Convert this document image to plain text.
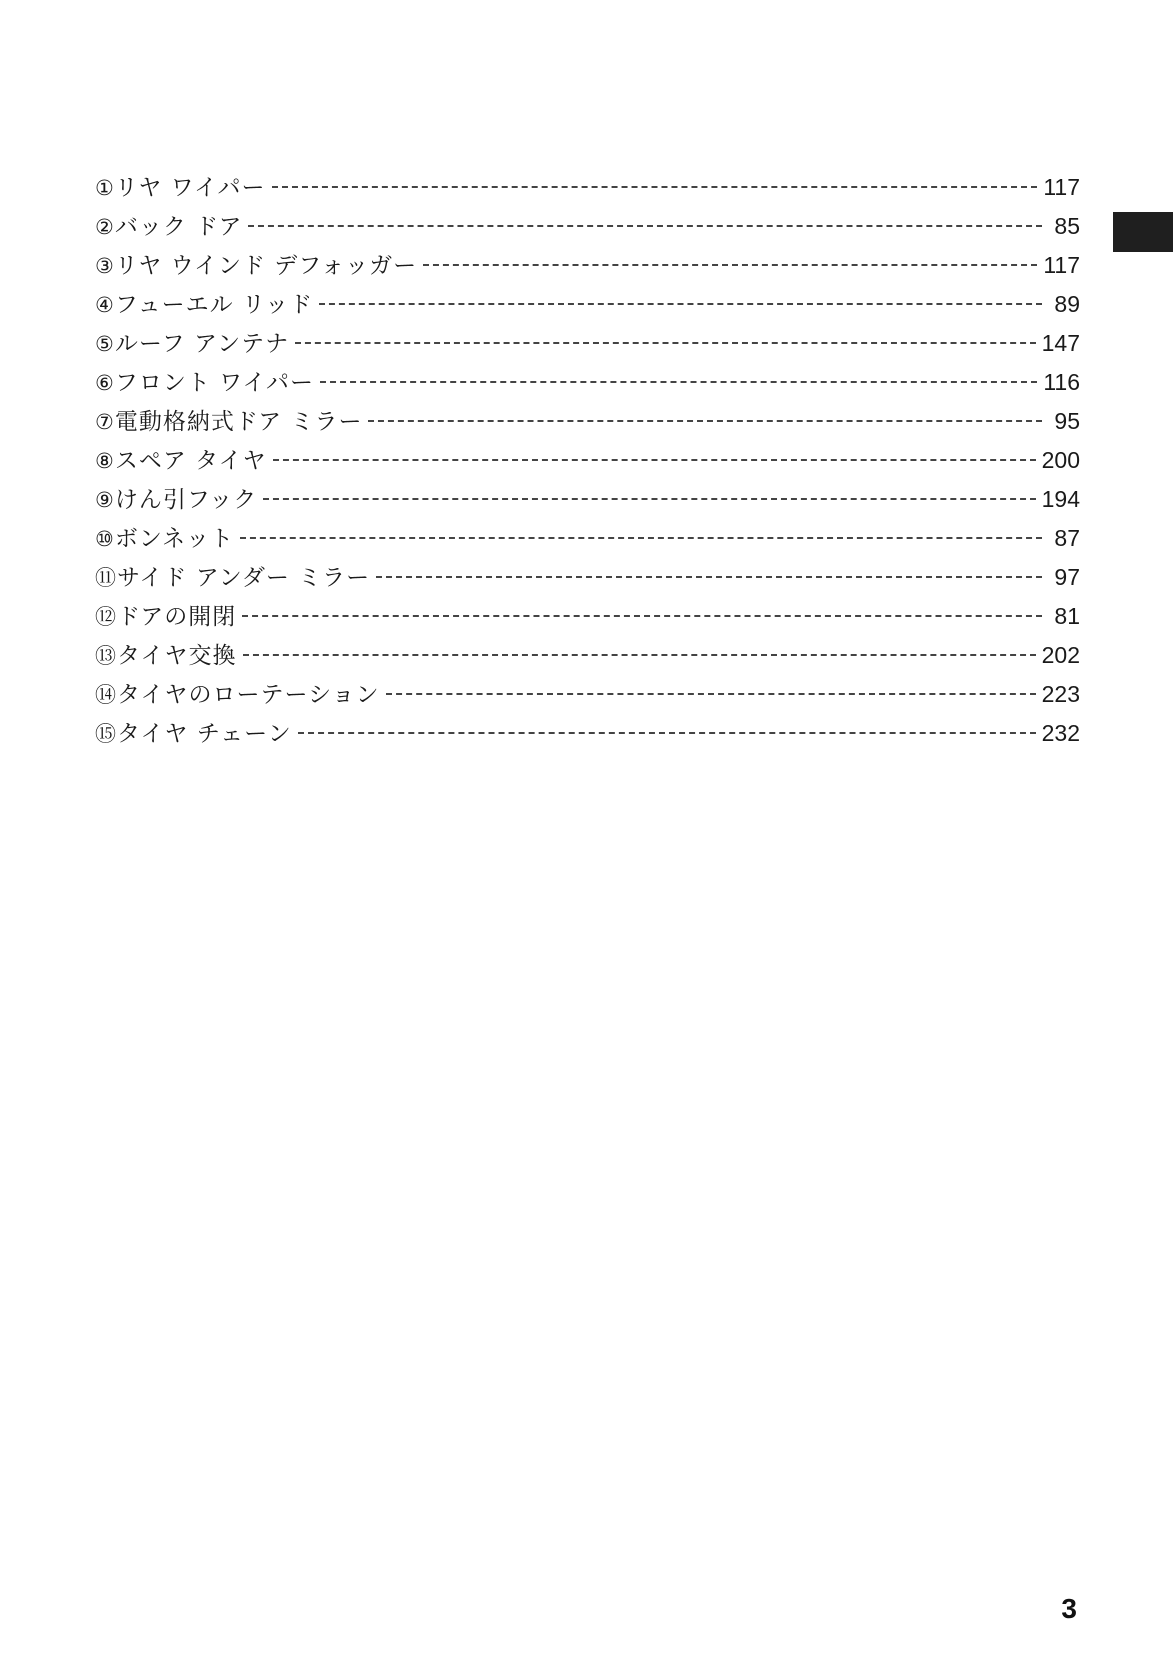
① リヤ ワイパー	117
② バック ドア	85
③ リヤ ウインド デフォッガー	117
④ フューエル リッド	89
⑤ ルーフ アンテナ	147
⑥ フロント ワイパー	116
⑦ 電動格納式ドア ミラー	95
⑧ スペア タイヤ	200
⑨ けん引フック	194
⑩ ボンネット	87
⑪ サイド アンダー ミラー	97
⑫ ドアの開閉	81
⑬ タイヤ交換	202
⑭ タイヤのローテーション	223
⑮ タイヤ チェーン	232
3
